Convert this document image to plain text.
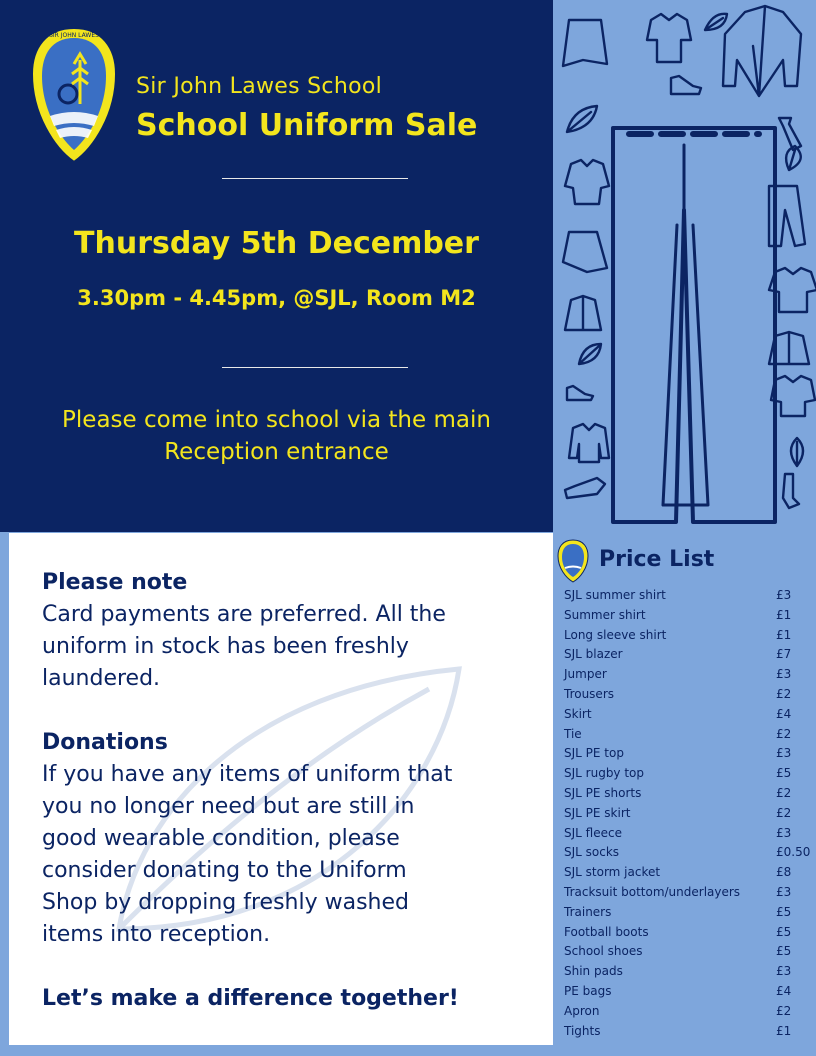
SIR JOHN LAWES
Sir John Lawes School
School Uniform Sale
Thursday 5th December
3.30pm - 4.45pm, @SJL, Room M2
Please come into school via the main
Reception entrance
Please note
Card payments are preferred. All the
uniform in stock has been freshly
laundered.
Donations
If you have any items of uniform that
you no longer need but are still in
good wearable condition, please
consider donating to the Uniform
Shop by dropping freshly washed
items into reception.
Let’s make a difference together!
Price List
SJL summer shirt	£3
Summer shirt	£1
Long sleeve shirt	£1
SJL blazer	£7
Jumper	£3
Trousers	£2
Skirt	£4
Tie	£2
SJL PE top	£3
SJL rugby top	£5
SJL PE shorts	£2
SJL PE skirt	£2
SJL fleece	£3
SJL socks	£0.50
SJL storm jacket	£8
Tracksuit bottom/underlayers	£3
Trainers	£5
Football boots	£5
School shoes	£5
Shin pads	£3
PE bags	£4
Apron	£2
Tights	£1
